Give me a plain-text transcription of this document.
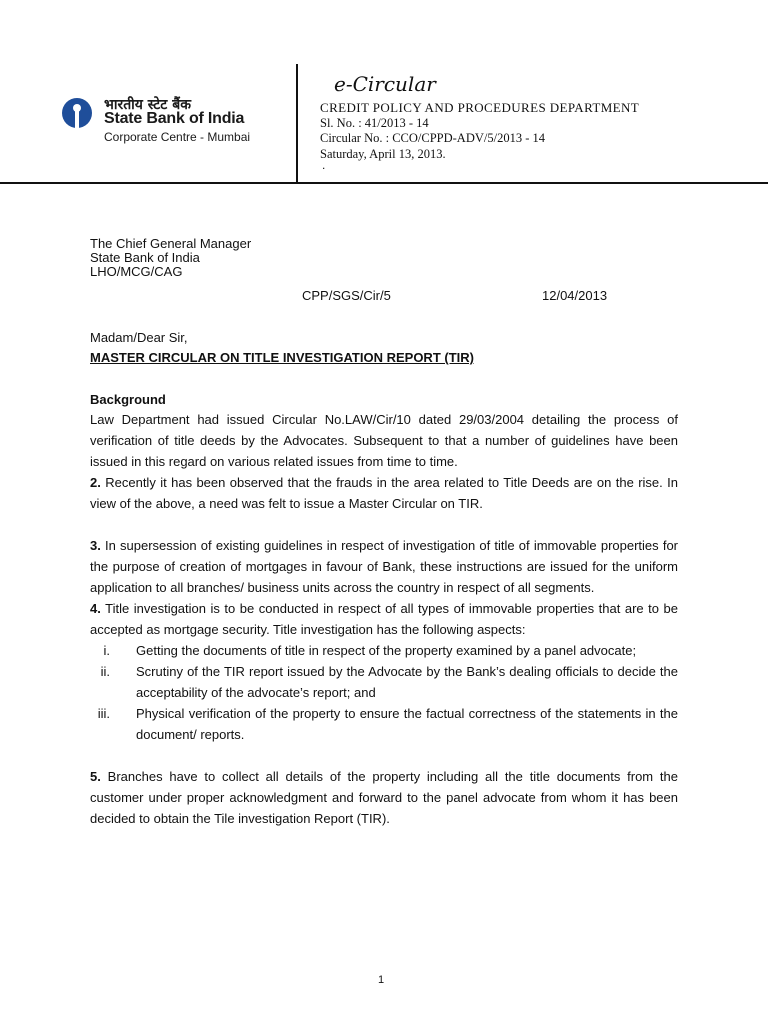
भारतीय स्टेट बैंक
State Bank of India
Corporate Centre - Mumbai
e-Circular
CREDIT POLICY AND PROCEDURES DEPARTMENT
Sl. No. : 41/2013 - 14
Circular No. : CCO/CPPD-ADV/5/2013 - 14
Saturday, April 13, 2013.
.
The Chief General Manager
State Bank of India
LHO/MCG/CAG
CPP/SGS/Cir/5	12/04/2013
Madam/Dear Sir,
MASTER CIRCULAR ON TITLE INVESTIGATION REPORT (TIR)
Background

Law Department had issued Circular No.LAW/Cir/10 dated 29/03/2004 detailing the process of verification of title deeds by the Advocates. Subsequent to that a number of guidelines have been issued in this regard on various related issues from time to time.

2. Recently it has been observed that the frauds in the area related to Title Deeds are on the rise. In view of the above, a need was felt to issue a Master Circular on TIR.

3. In supersession of existing guidelines in respect of investigation of title of immovable properties for the purpose of creation of mortgages in favour of Bank, these instructions are issued for the uniform application to all branches/ business units across the country in respect of all segments.

4. Title investigation is to be conducted in respect of all types of immovable properties that are to be accepted as mortgage security. Title investigation has the following aspects:

i. Getting the documents of title in respect of the property examined by a panel advocate;
ii. Scrutiny of the TIR report issued by the Advocate by the Bank’s dealing officials to decide the acceptability of the advocate’s report; and
iii. Physical verification of the property to ensure the factual correctness of the statements in the document/ reports.

5. Branches have to collect all details of the property including all the title documents from the customer under proper acknowledgment and forward to the panel advocate from whom it has been decided to obtain the Tile investigation Report (TIR).

1
